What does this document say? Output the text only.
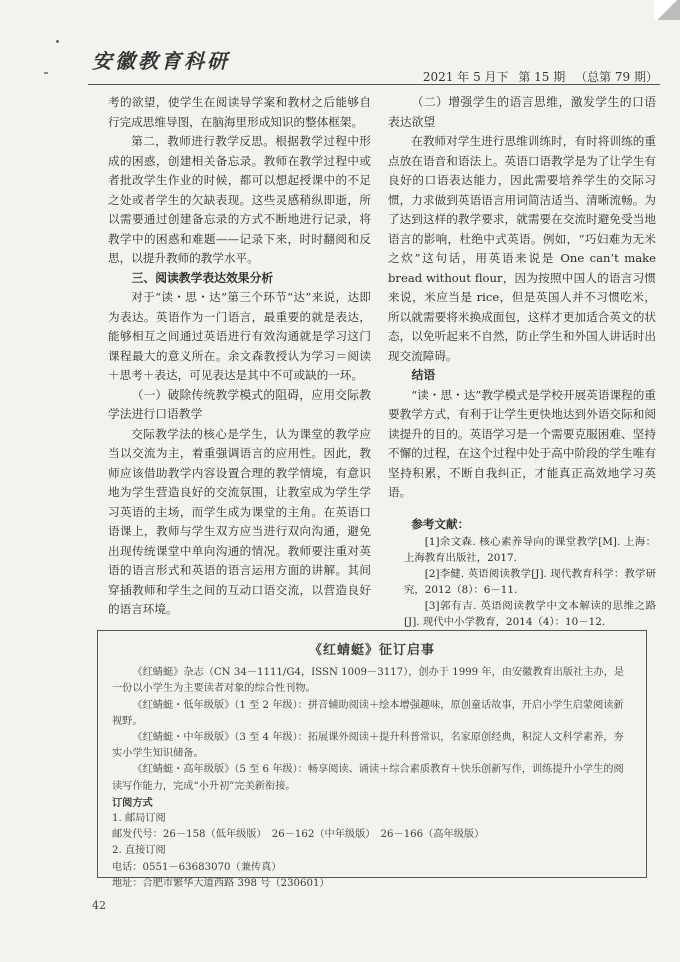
安徽教育科研
2021 年 5 月下 第 15 期 （总第 79 期）

考的欲望，使学生在阅读导学案和教材之后能够自行完成思维导图，在脑海里形成知识的整体框架。

第二，教师进行教学反思。根据教学过程中形成的困惑，创建相关备忘录。教师在教学过程中或者批改学生作业的时候，都可以想起授课中的不足之处或者学生的欠缺表现。这些灵感稍纵即逝，所以需要通过创建备忘录的方式不断地进行记录，将教学中的困惑和难题——记录下来，时时翻阅和反思，以提升教师的教学水平。

三、阅读教学表达效果分析

对于“读・思・达”第三个环节“达”来说，达即为表达。英语作为一门语言，最重要的就是表达，能够相互之间通过英语进行有效沟通就是学习这门课程最大的意义所在。余文森教授认为学习＝阅读＋思考＋表达，可见表达是其中不可或缺的一环。

（一）破除传统教学模式的阻碍，应用交际教学法进行口语教学

交际教学法的核心是学生，认为课堂的教学应当以交流为主，着重强调语言的应用性。因此，教师应该借助教学内容设置合理的教学情境，有意识地为学生营造良好的交流氛围，让教室成为学生学习英语的主场，而学生成为课堂的主角。在英语口语课上，教师与学生双方应当进行双向沟通，避免出现传统课堂中单向沟通的情况。教师要注重对英语的语言形式和英语的语言运用方面的讲解。其间穿插教师和学生之间的互动口语交流，以营造良好的语言环境。

（二）增强学生的语言思维，激发学生的口语表达欲望

在教师对学生进行思维训练时，有时将训练的重点放在语音和语法上。英语口语教学是为了让学生有良好的口语表达能力，因此需要培养学生的交际习惯，力求做到英语语言用词简洁适当、清晰流畅。为了达到这样的教学要求，就需要在交流时避免受当地语言的影响，杜绝中式英语。例如，“巧妇难为无米之炊”这句话，用英语来说是 One can’t make bread without flour，因为按照中国人的语言习惯来说，米应当是 rice，但是英国人并不习惯吃米，所以就需要将米换成面包，这样才更加适合英文的状态，以免听起来不自然，防止学生和外国人讲话时出现交流障碍。

结语

“读・思・达”教学模式是学校开展英语课程的重要教学方式，有利于让学生更快地达到外语交际和阅读提升的目的。英语学习是一个需要克服困难、坚持不懈的过程，在这个过程中处于高中阶段的学生唯有坚持积累，不断自我纠正，才能真正高效地学习英语。

参考文献：

[1]余文森. 核心素养导向的课堂教学[M]. 上海：上海教育出版社，2017.

[2]李健. 英语阅读教学[J]. 现代教育科学：教学研究，2012（8）：6－11.

[3]郭有吉. 英语阅读教学中文本解读的思维之路[J]. 现代中小学教育，2014（4）：10－12.

《红蜻蜓》征订启事

《红蜻蜓》杂志（CN 34－1111/G4，ISSN 1009－3117），创办于 1999 年，由安徽教育出版社主办，是一份以小学生为主要读者对象的综合性刊物。

《红蜻蜓・低年级版》（1 至 2 年级）：拼音辅助阅读＋绘本增强趣味，原创童话故事，开启小学生启蒙阅读新视野。

《红蜻蜓・中年级版》（3 至 4 年级）：拓展课外阅读＋提升科普常识，名家原创经典，积淀人文科学素养，夯实小学生知识储备。

《红蜻蜓・高年级版》（5 至 6 年级）：畅享阅读、诵读＋综合素质教育＋快乐创新写作，训练提升小学生的阅读写作能力，完成“小升初”完美新衔接。

订阅方式

1. 邮局订阅

邮发代号：26－158（低年级版）　26－162（中年级版）　26－166（高年级版）

2. 直接订阅

电话：0551－63683070（兼传真）

地址：合肥市繁华大道西路 398 号（230601）

42
